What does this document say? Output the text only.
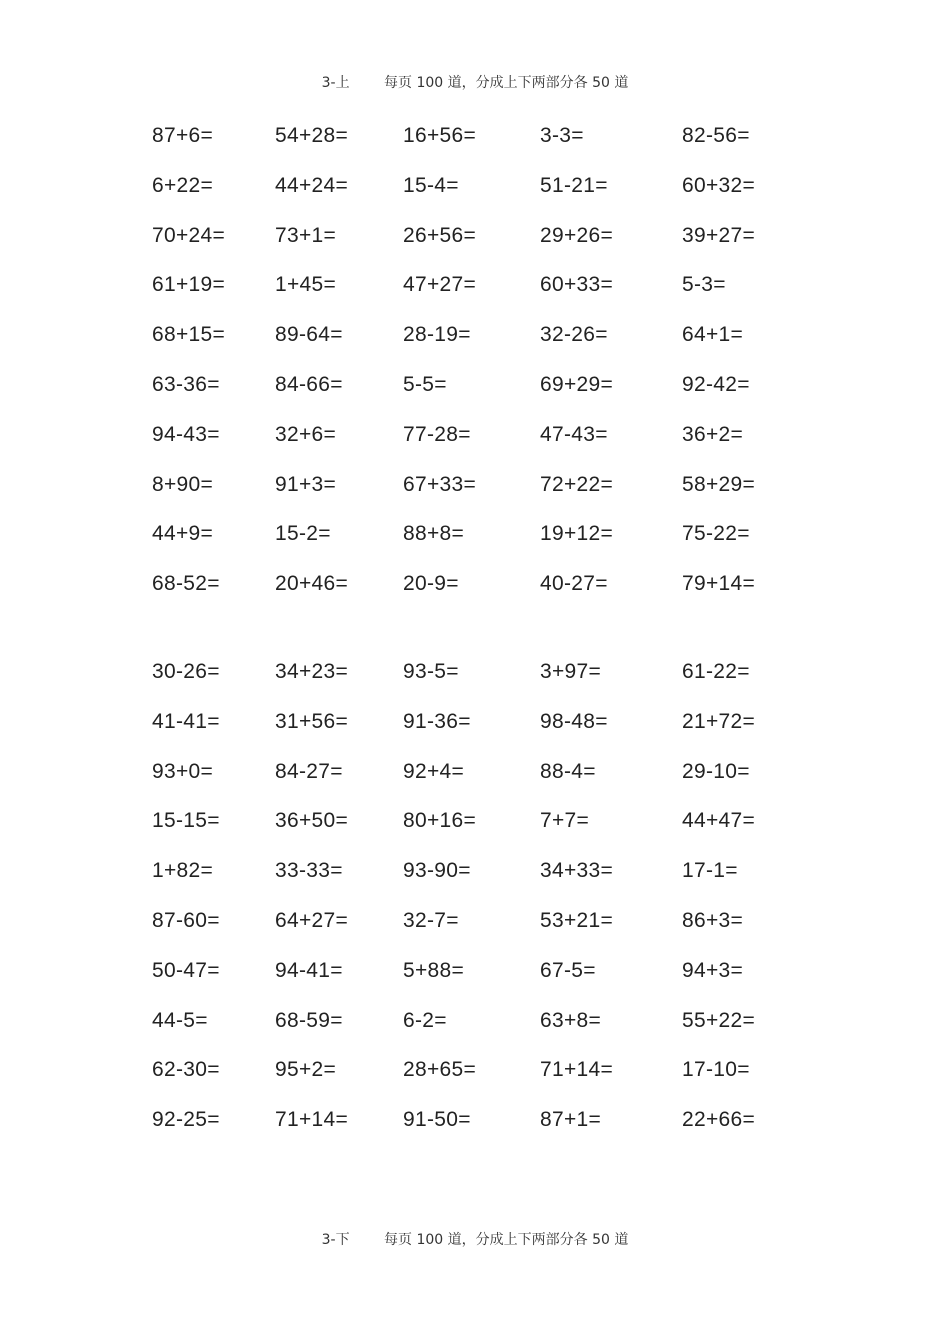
3-上 每页 100 道，分成上下两部分各 50 道
87+6=	54+28=	16+56=	3-3=	82-56=
6+22=	44+24=	15-4=	51-21=	60+32=
70+24= 73+1=	26+56=	29+26=	39+27=
61+19= 1+45=	47+27=	60+33=	5-3=
68+15= 89-64=	28-19=	32-26=	64+1=
63-36=	84-66=	5-5=	69+29=	92-42=
94-43=	32+6=	77-28=	47-43=	36+2=
8+90=	91+3=	67+33=	72+22=	58+29=
44+9=	15-2=	88+8=	19+12=	75-22=
68-52=	20+46=	20-9=	40-27=	79+14=
30-26=	34+23=	93-5=	3+97=	61-22=
41-41=	31+56=	91-36=	98-48=	21+72=
93+0=	84-27=	92+4=	88-4=	29-10=
15-15=	36+50=	80+16=	7+7=	44+47=
1+82=	33-33=	93-90=	34+33=	17-1=
87-60=	64+27=	32-7=	53+21=	86+3=
50-47=	94-41=	5+88=	67-5=	94+3=
44-5=	68-59=	6-2=	63+8=	55+22=
62-30=	95+2=	28+65=	71+14=	17-10=
92-25=	71+14=	91-50=	87+1=	22+66=
3-下 每页 100 道，分成上下两部分各 50 道
